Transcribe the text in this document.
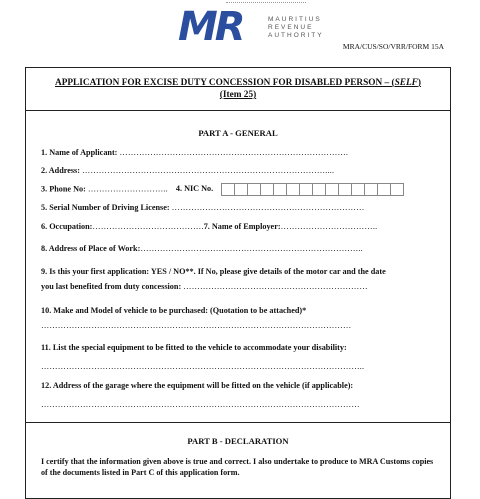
MR	MAURITIUS
REVENUE
AUTHORITY
MRA/CUS/SO/VRR/FORM 15A
APPLICATION FOR EXCISE DUTY CONCESSION FOR DISABLED PERSON – (SELF)
(Item 25)
PART A - GENERAL
1. Name of Applicant: ……………………………………………………………………….
2. Address: ……………………………………………………………………………....
3. Phone No: ……………………….. 4. NIC No.
5. Serial Number of Driving License: ……………………………………………………………
6. Occupation:………………………………….7. Name of Employer:……………………………..
8. Address of Place of Work:……………………………………………………………………..
9. Is this your first application: YES / NO**. If No, please give details of the motor car and the date
you last benefited from duty concession: …………………………………………………………
10. Make and Model of vehicle to be purchased: (Quotation to be attached)*
…………………………………………………………………………………………………
11. List the special equipment to be fitted to the vehicle to accommodate your disability:
……………………………………………………………………………………………………..
12. Address of the garage where the equipment will be fitted on the vehicle (if applicable):
……………………………………………………………………………………………………
PART B - DECLARATION
I certify that the information given above is true and correct. I also undertake to produce to MRA Customs copies of the documents listed in Part C of this application form.
